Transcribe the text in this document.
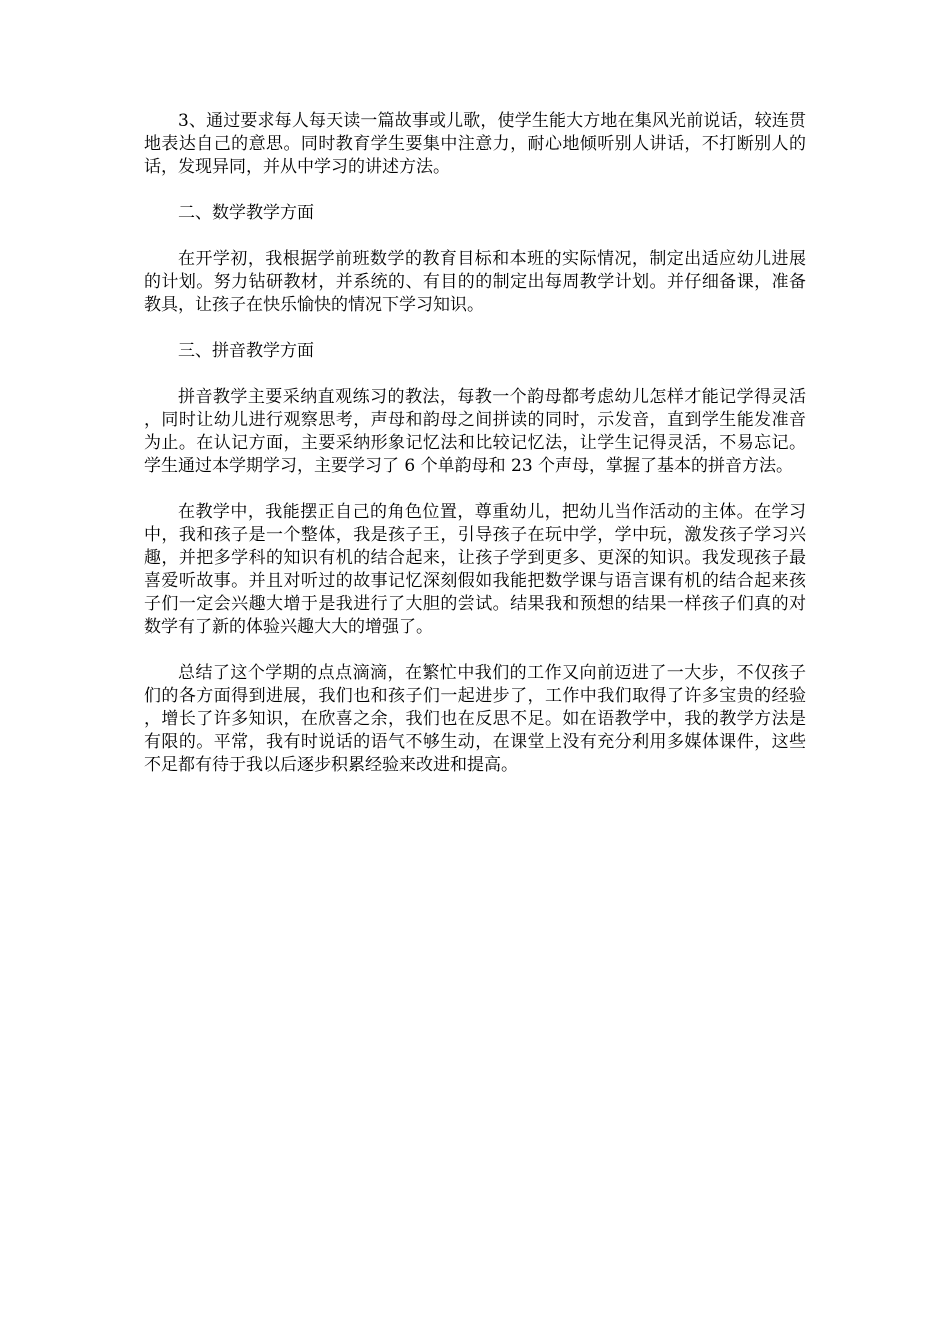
3、通过要求每人每天读一篇故事或儿歌，使学生能大方地在集风光前说话，较连贯地表达自己的意思。同时教育学生要集中注意力，耐心地倾听别人讲话，不打断别人的话，发现异同，并从中学习的讲述方法。

二、数学教学方面

在开学初，我根据学前班数学的教育目标和本班的实际情况，制定出适应幼儿进展的计划。努力钻研教材，并系统的、有目的的制定出每周教学计划。并仔细备课，准备教具，让孩子在快乐愉快的情况下学习知识。

三、拼音教学方面

拼音教学主要采纳直观练习的教法，每教一个韵母都考虑幼儿怎样才能记学得灵活，同时让幼儿进行观察思考，声母和韵母之间拼读的同时，示发音，直到学生能发准音为止。在认记方面，主要采纳形象记忆法和比较记忆法，让学生记得灵活，不易忘记。学生通过本学期学习，主要学习了 6 个单韵母和 23 个声母，掌握了基本的拼音方法。

在教学中，我能摆正自己的角色位置，尊重幼儿，把幼儿当作活动的主体。在学习中，我和孩子是一个整体，我是孩子王，引导孩子在玩中学，学中玩，激发孩子学习兴趣，并把多学科的知识有机的结合起来，让孩子学到更多、更深的知识。我发现孩子最喜爱听故事。并且对听过的故事记忆深刻假如我能把数学课与语言课有机的结合起来孩子们一定会兴趣大增于是我进行了大胆的尝试。结果我和预想的结果一样孩子们真的对数学有了新的体验兴趣大大的增强了。

总结了这个学期的点点滴滴，在繁忙中我们的工作又向前迈进了一大步，不仅孩子们的各方面得到进展，我们也和孩子们一起进步了，工作中我们取得了许多宝贵的经验，增长了许多知识，在欣喜之余，我们也在反思不足。如在语教学中，我的教学方法是有限的。平常，我有时说话的语气不够生动，在课堂上没有充分利用多媒体课件，这些不足都有待于我以后逐步积累经验来改进和提高。
